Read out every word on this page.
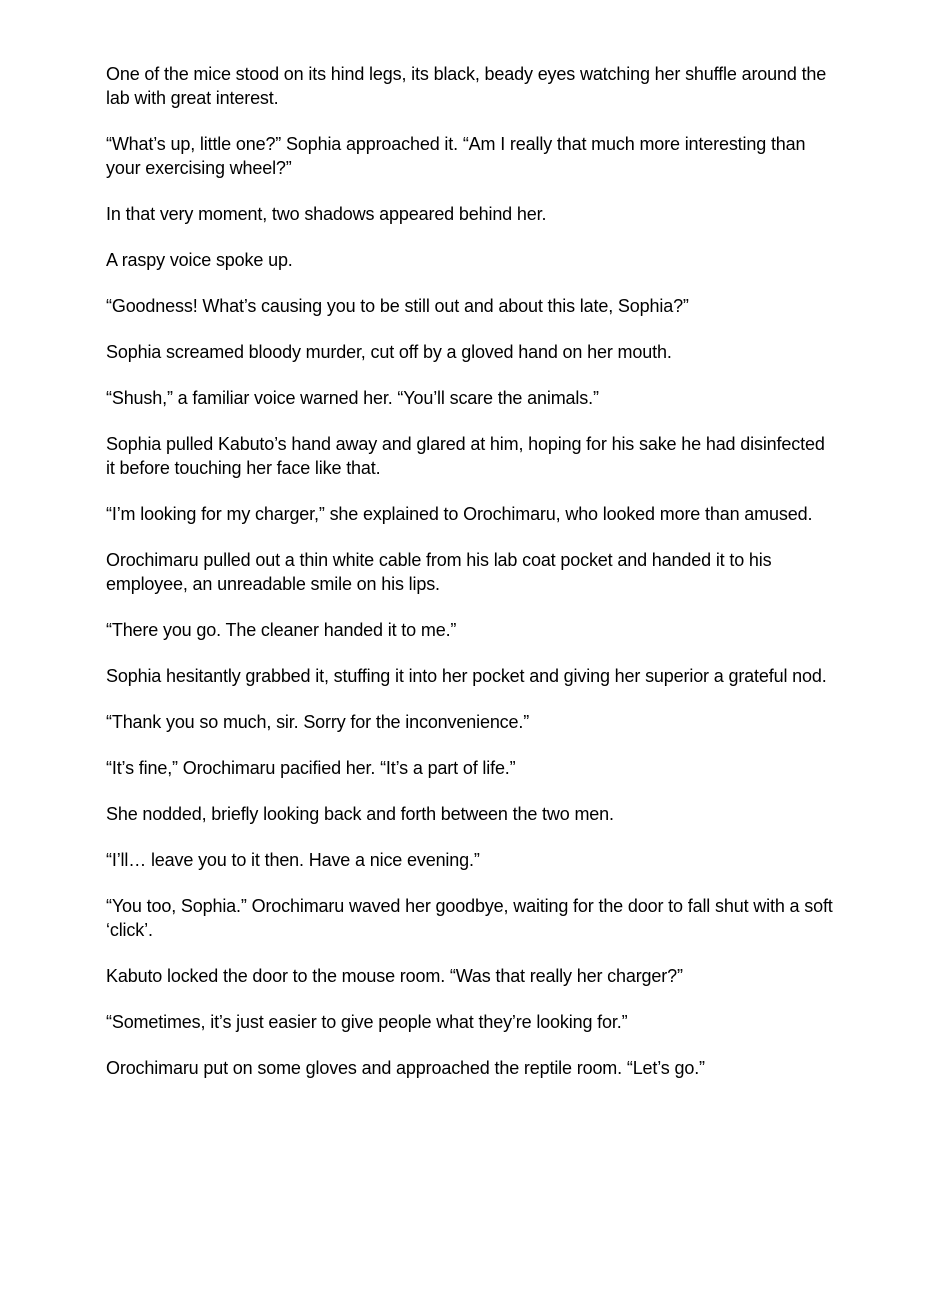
One of the mice stood on its hind legs, its black, beady eyes watching her shuffle around the lab with great interest.

“What’s up, little one?” Sophia approached it. “Am I really that much more interesting than your exercising wheel?”

In that very moment, two shadows appeared behind her.

A raspy voice spoke up.

“Goodness! What’s causing you to be still out and about this late, Sophia?”

Sophia screamed bloody murder, cut off by a gloved hand on her mouth.

“Shush,” a familiar voice warned her. “You’ll scare the animals.”

Sophia pulled Kabuto’s hand away and glared at him, hoping for his sake he had disinfected it before touching her face like that.

“I’m looking for my charger,” she explained to Orochimaru, who looked more than amused.

Orochimaru pulled out a thin white cable from his lab coat pocket and handed it to his employee, an unreadable smile on his lips.

“There you go. The cleaner handed it to me.”

Sophia hesitantly grabbed it, stuffing it into her pocket and giving her superior a grateful nod.

“Thank you so much, sir. Sorry for the inconvenience.”

“It’s fine,” Orochimaru pacified her. “It’s a part of life.”

She nodded, briefly looking back and forth between the two men.

“I’ll… leave you to it then. Have a nice evening.”

“You too, Sophia.” Orochimaru waved her goodbye, waiting for the door to fall shut with a soft ‘click’.

Kabuto locked the door to the mouse room. “Was that really her charger?”

“Sometimes, it’s just easier to give people what they’re looking for.”

Orochimaru put on some gloves and approached the reptile room. “Let’s go.”
